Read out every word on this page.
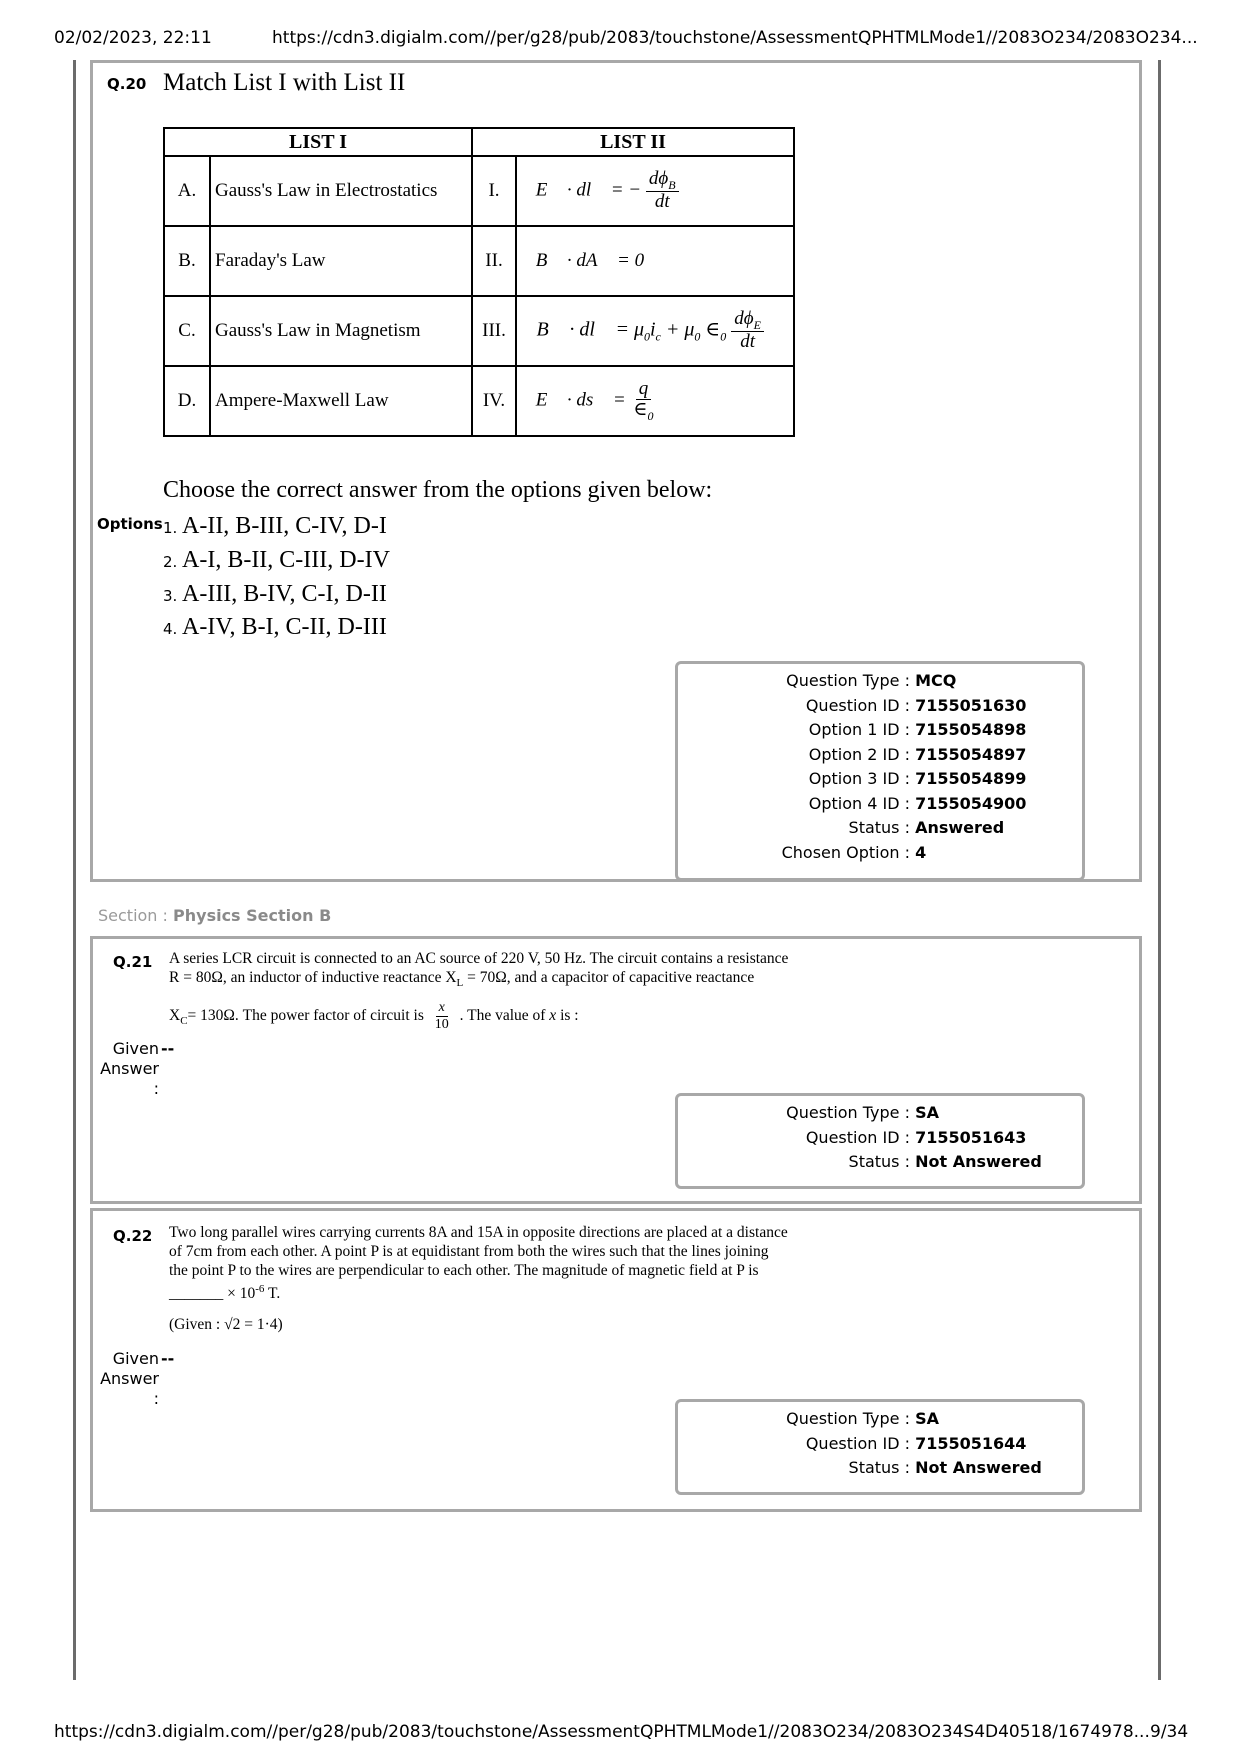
02/02/2023, 22:11	https://cdn3.digialm.com//per/g28/pub/2083/touchstone/AssessmentQPHTMLMode1//2083O234/2083O234...
Q.20 Match List I with List II
LIST I		LIST II	
A.	Gauss's Law in Electrostatics	I.	∮E⃗ · dl⃗ = − $\frac{d\phi_B}{dt}$

B.	Faraday's Law	II.	∮B⃗ · dA⃗ = 0
C.	Gauss's Law in Magnetism	III.	∮B⃗ · dl⃗ = $\mu_0i_c + \mu_0$ $\in_0 \frac{d\phi_E}{dt}$

D.	Ampere-Maxwell Law	IV.	∮E⃗ · ds⃗ = $\frac{q}{\in_0}$
Choose the correct answer from the options given below:
Options 1. A-II, B-III, C-IV, D-I
2. A-I, B-II, C-III, D-IV
3. A-III, B-IV, C-I, D-II
4. A-IV, B-I, C-II, D-III
Question Type : MCQ
Question ID : 7155051630
Option 1 ID : 7155054898
Option 2 ID : 7155054897
Option 3 ID : 7155054899
Option 4 ID : 7155054900
Status : Answered
Chosen Option : 4
Section : Physics Section B
Q.21 A series LCR circuit is connected to an AC source of 220 V, 50 Hz. The circuit contains a resistance
R = 80Ω, an inductor of inductive reactance $X_L = 70\Omega$, and a capacitor of capacitive reactance
$X_C= 130\Omega$. The power factor of circuit is $\frac{x}{10}$ . The value of x is :
Given Answer :
--
Question Type : SA
Question ID : 7155051643
Status : Not Answered
Q.22 Two long parallel wires carrying currents 8A and 15A in opposite directions are placed at a distance
of 7cm from each other. A point P is at equidistant from both the wires such that the lines joining
the point P to the wires are perpendicular to each other. The magnitude of magnetic field at P is
_______ × $10^{-6}$ T.
(Given : √2 = 1·4)
Given Answer :
--
Question Type : SA
Question ID : 7155051644
Status : Not Answered
https://cdn3.digialm.com//per/g28/pub/2083/touchstone/AssessmentQPHTMLMode1//2083O234/2083O234S4D40518/1674978... 9/34
